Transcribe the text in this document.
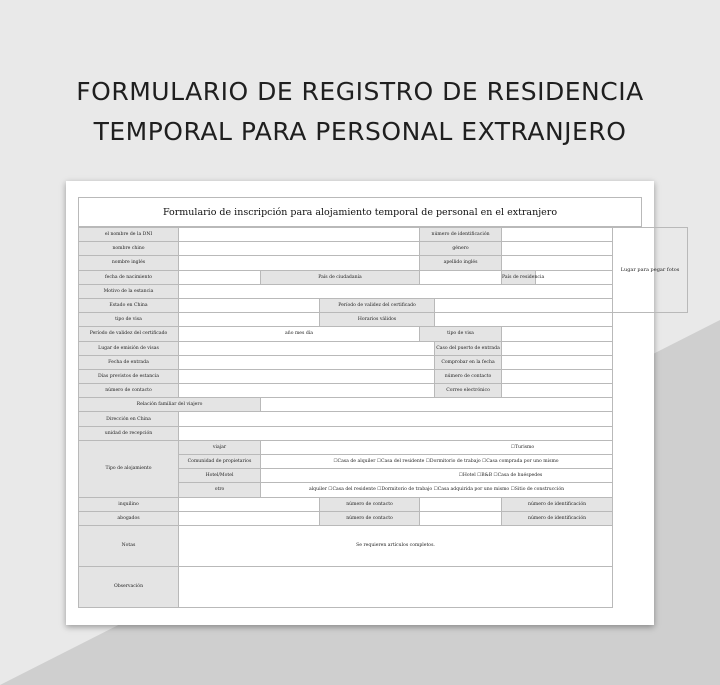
FORMULARIO DE REGISTRO DE RESIDENCIA
TEMPORAL PARA PERSONAL EXTRANJERO
Formulario de inscripción para alojamiento temporal de personal en el extranjero
Lugar para pegar fotos
el nombre de la DNI				número de identificación			
nombre chino				género			
nombre inglés				apellido inglés			
fecha de nacimiento		País de ciudadanía				País de residencia	
Motivo de la estancia							
Estado en China			Período de validez del certificado				
tipo de visa			Horarios válidos				
Período de validez del certificado	año mes día			tipo de visa			
Lugar de emisión de visas					Caso del puerto de entrada		
Fecha de entrada					Comprobar en la fecha		
Días previstos de estancia					número de contacto		
número de contacto					Correo electrónico		
Relación familiar del viajero							
Dirección en China							
unidad de recepción							
Tipo de alojamiento	viajar	☐Turismo					
	Comunidad de propietarios	☐Casa de alquiler ☐Casa del residente ☐Dormitorio de trabajo ☐Casa comprada por uno mismo					
	Hotel/Motel	☐Hotel ☐B&B ☐Casa de huéspedes					
	otro	alquiler ☐Casa del residente ☐Dormitorio de trabajo ☐Casa adquirida por uno mismo ☐Sitio de construcción					
inquilino			número de contacto			número de identificación	
abogados			número de contacto			número de identificación	
Notas	Se requieren artículos completos.						
Observación							
